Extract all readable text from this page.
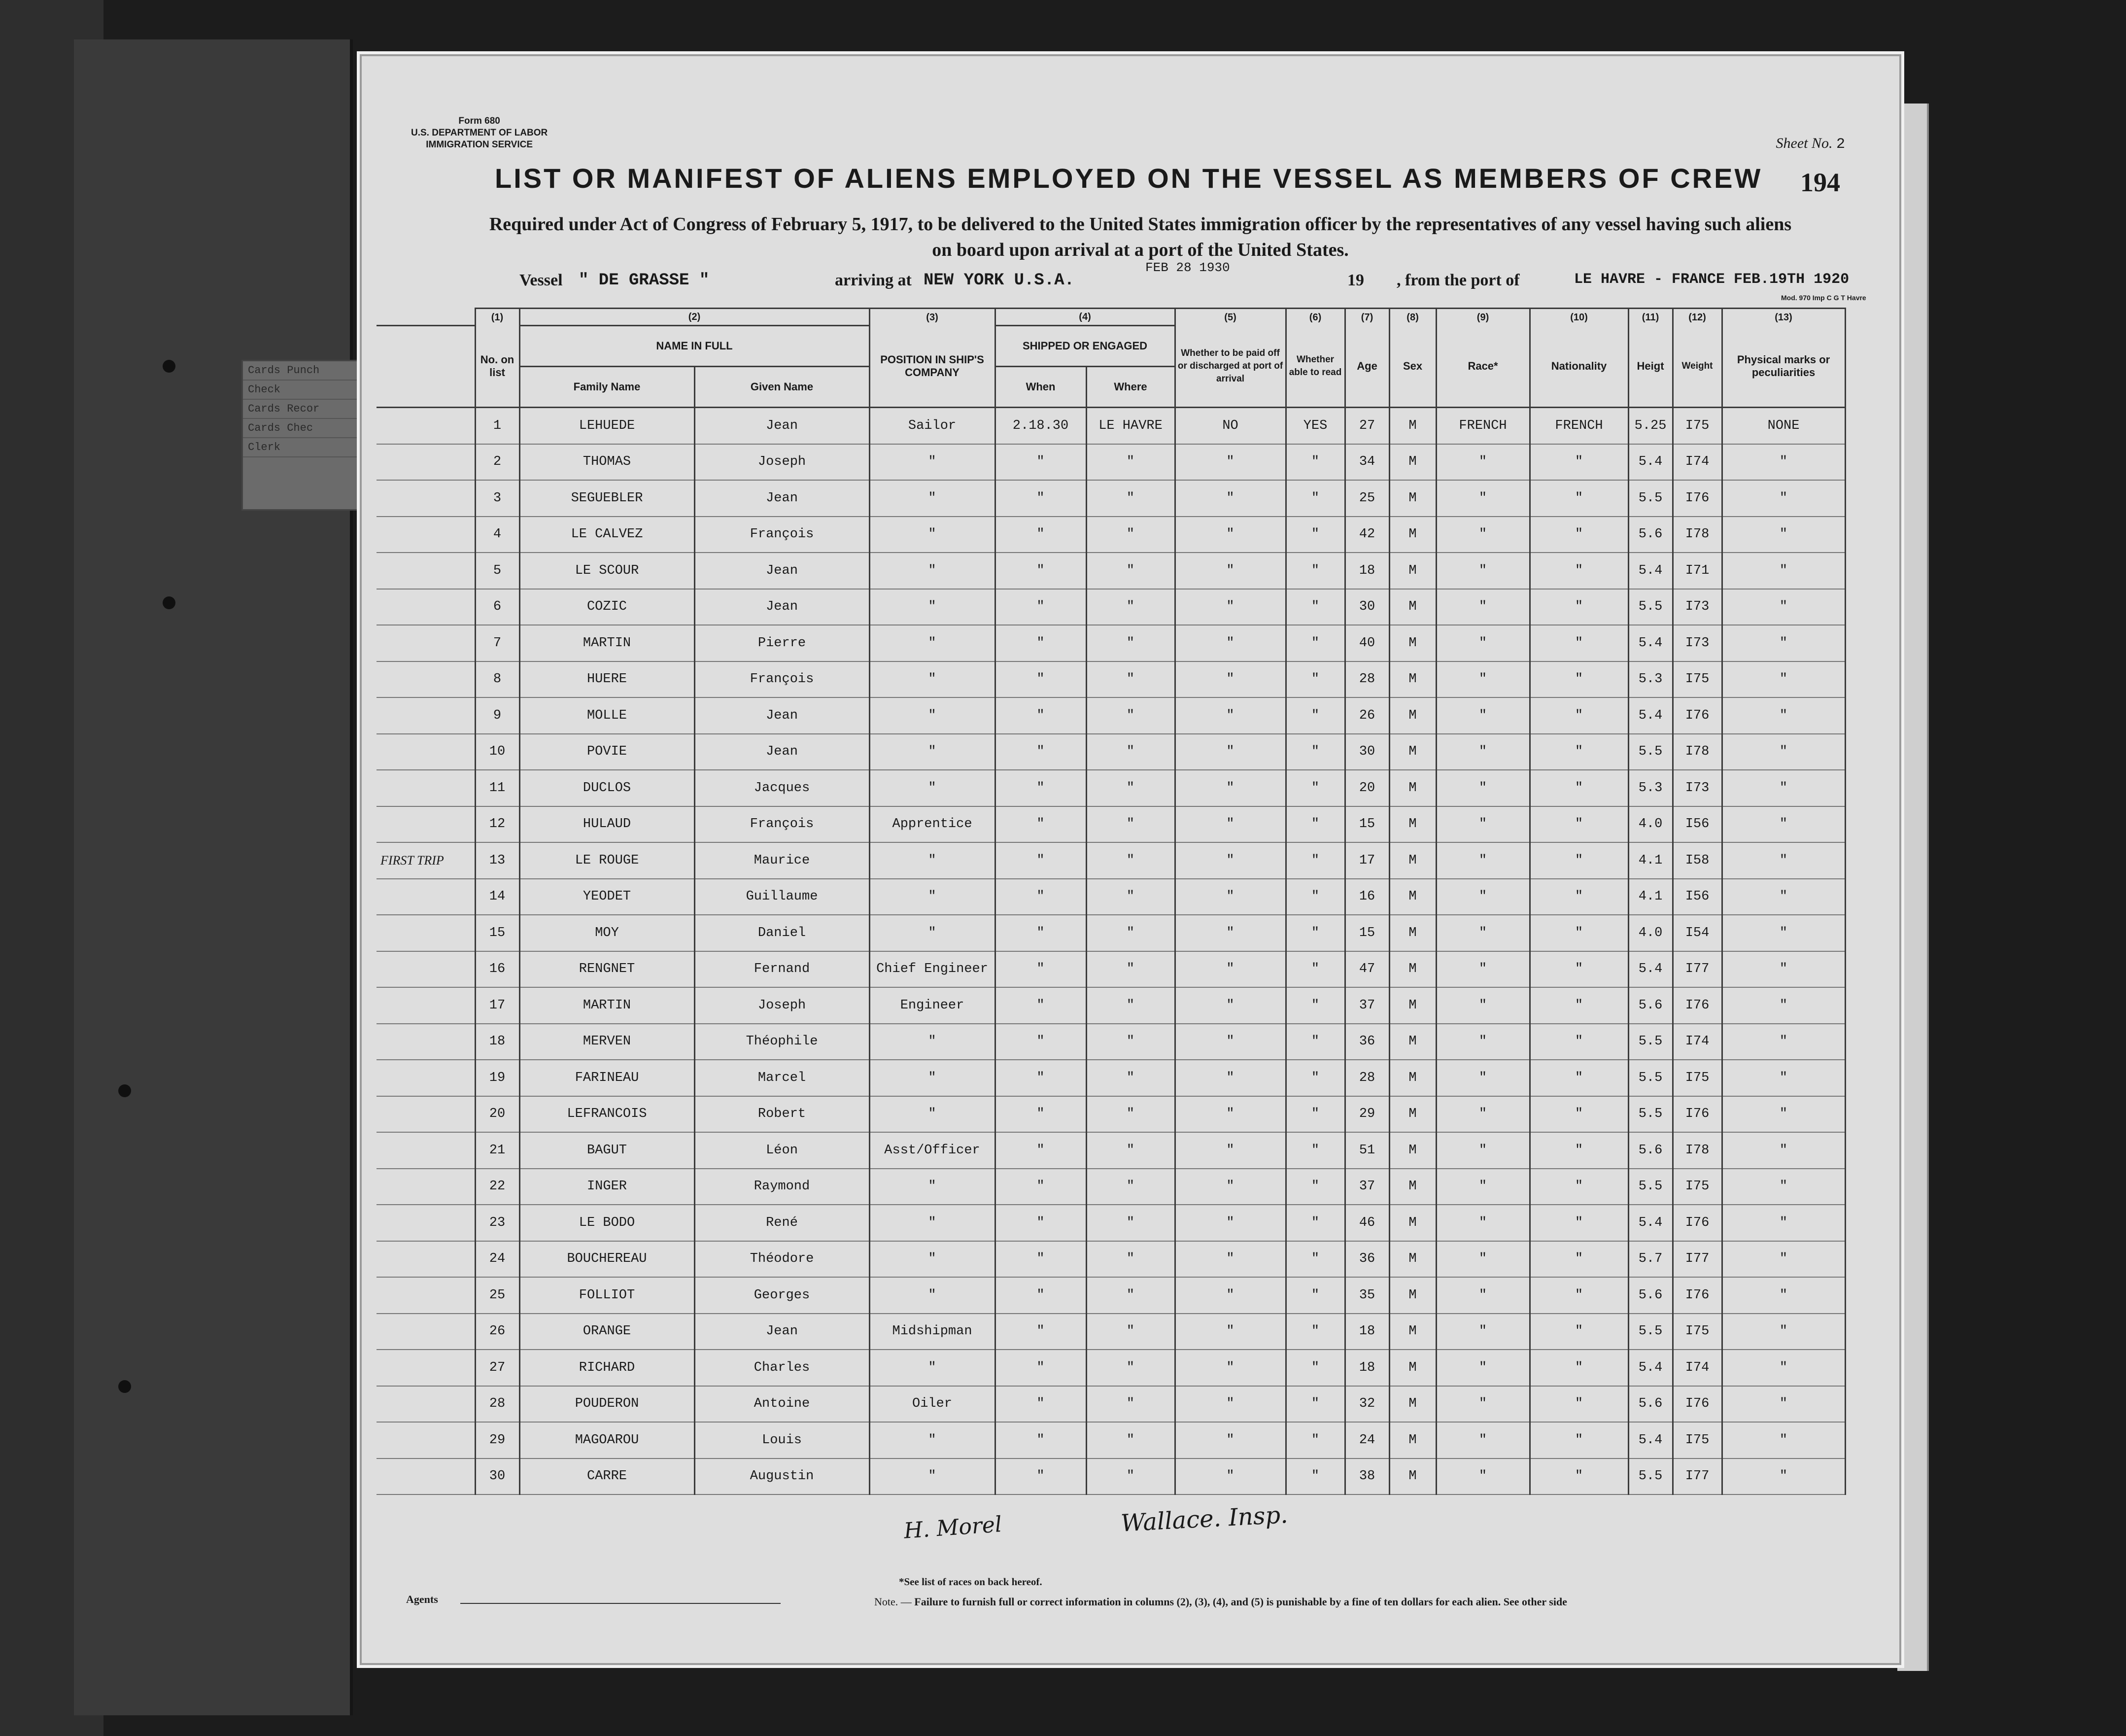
Cards Punch
Check
Cards Recor
Cards Chec
Clerk
Form 680
U.S. DEPARTMENT OF LABOR
IMMIGRATION SERVICE	Sheet No. 2
LIST OR MANIFEST OF ALIENS EMPLOYED ON THE VESSEL AS MEMBERS OF CREW 194
Required under Act of Congress of February 5, 1917, to be delivered to the United States immigration officer by the representatives of any vessel having such aliens
on board upon arrival at a port of the United States.
Vessel " DE GRASSE "	arriving at NEW YORK U.S.A.
FEB 28 1930
19 , from the port of	LE HAVRE - FRANCE FEB.19TH 1920
Mod. 970 Imp C G T Havre
	(1)	(2)		(3)	(4)		(5)	(6)	(7)	(8)	(9)	(10)	(11)	(12)	(13)
	No. on list	NAME IN FULL		POSITION IN SHIP'S COMPANY	SHIPPED OR ENGAGED		Whether to be paid off or discharged at port of arrival	Whether able to read	Age	Sex	Race*	Nationality	Heigt	Weight	Physical marks or peculiarities
		Family Name	Given Name		When	Where									
	1	LEHUEDE	Jean	Sailor	2.18.30	LE HAVRE	NO	YES	27	M	FRENCH	FRENCH	5.25	I75	NONE
	2	THOMAS	Joseph	"	"	"	"	"	34	M	"	"	5.4	I74	"
	3	SEGUEBLER	Jean	"	"	"	"	"	25	M	"	"	5.5	I76	"
	4	LE CALVEZ	François	"	"	"	"	"	42	M	"	"	5.6	I78	"
	5	LE SCOUR	Jean	"	"	"	"	"	18	M	"	"	5.4	I71	"
	6	COZIC	Jean	"	"	"	"	"	30	M	"	"	5.5	I73	"
	7	MARTIN	Pierre	"	"	"	"	"	40	M	"	"	5.4	I73	"
	8	HUERE	François	"	"	"	"	"	28	M	"	"	5.3	I75	"
	9	MOLLE	Jean	"	"	"	"	"	26	M	"	"	5.4	I76	"
	10	POVIE	Jean	"	"	"	"	"	30	M	"	"	5.5	I78	"
	11	DUCLOS	Jacques	"	"	"	"	"	20	M	"	"	5.3	I73	"
	12	HULAUD	François	Apprentice	"	"	"	"	15	M	"	"	4.0	I56	"
FIRST TRIP	13	LE ROUGE	Maurice	"	"	"	"	"	17	M	"	"	4.1	I58	"
	14	YEODET	Guillaume	"	"	"	"	"	16	M	"	"	4.1	I56	"
	15	MOY	Daniel	"	"	"	"	"	15	M	"	"	4.0	I54	"
	16	RENGNET	Fernand	Chief Engineer	"	"	"	"	47	M	"	"	5.4	I77	"
	17	MARTIN	Joseph	Engineer	"	"	"	"	37	M	"	"	5.6	I76	"
	18	MERVEN	Théophile	"	"	"	"	"	36	M	"	"	5.5	I74	"
	19	FARINEAU	Marcel	"	"	"	"	"	28	M	"	"	5.5	I75	"
	20	LEFRANCOIS	Robert	"	"	"	"	"	29	M	"	"	5.5	I76	"
	21	BAGUT	Léon	Asst/Officer	"	"	"	"	51	M	"	"	5.6	I78	"
	22	INGER	Raymond	"	"	"	"	"	37	M	"	"	5.5	I75	"
	23	LE BODO	René	"	"	"	"	"	46	M	"	"	5.4	I76	"
	24	BOUCHEREAU	Théodore	"	"	"	"	"	36	M	"	"	5.7	I77	"
	25	FOLLIOT	Georges	"	"	"	"	"	35	M	"	"	5.6	I76	"
	26	ORANGE	Jean	Midshipman	"	"	"	"	18	M	"	"	5.5	I75	"
	27	RICHARD	Charles	"	"	"	"	"	18	M	"	"	5.4	I74	"
	28	POUDERON	Antoine	Oiler	"	"	"	"	32	M	"	"	5.6	I76	"
	29	MAGOAROU	Louis	"	"	"	"	"	24	M	"	"	5.4	I75	"
	30	CARRE	Augustin	"	"	"	"	"	38	M	"	"	5.5	I77	"
H. Morel	Wallace. Insp.
*See list of races on back hereof.
Note. — Failure to furnish full or correct information in columns (2), (3), (4), and (5) is punishable by a fine of ten dollars for each alien. See other side
Agents
